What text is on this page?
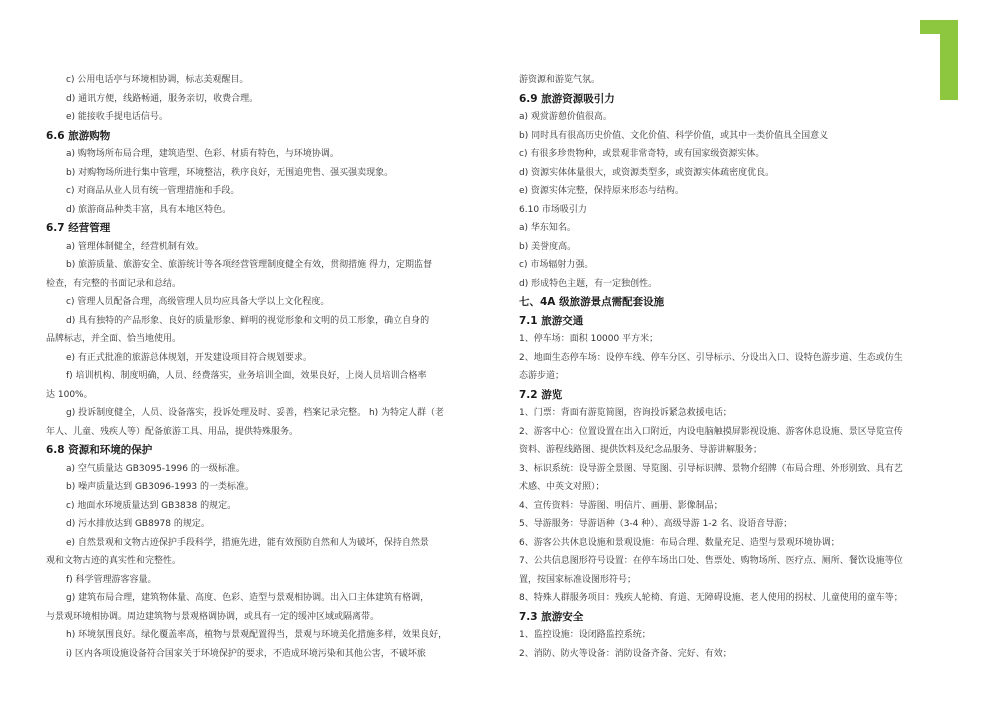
c) 公用电话亭与环境相协调，标志美观醒目。
d) 通讯方便，线路畅通，服务亲切，收费合理。
e) 能接收手提电话信号。
6.6 旅游购物
a) 购物场所布局合理，建筑造型、色彩、材质有特色，与环境协调。
b) 对购物场所进行集中管理，环境整洁，秩序良好，无围追兜售、强买强卖现象。
c) 对商品从业人员有统一管理措施和手段。
d) 旅游商品种类丰富，具有本地区特色。
6.7 经营管理
a) 管理体制健全，经营机制有效。
b) 旅游质量、旅游安全、旅游统计等各项经营管理制度健全有效，贯彻措施 得力，定期监督
检查，有完整的书面记录和总结。
c) 管理人员配备合理，高级管理人员均应具备大学以上文化程度。
d) 具有独特的产品形象、良好的质量形象、鲜明的视觉形象和文明的员工形象，确立自身的
品牌标志，并全面、恰当地使用。
e) 有正式批准的旅游总体规划，开发建设项目符合规划要求。
f) 培训机构、制度明确，人员、经费落实，业务培训全面，效果良好，上岗人员培训合格率
达 100%。
g) 投诉制度健全，人员、设备落实，投诉处理及时、妥善，档案记录完整。 h) 为特定人群（老
年人、儿童、残疾人等）配备旅游工具、用品，提供特殊服务。
6.8 资源和环境的保护
a) 空气质量达 GB3095-1996 的一级标准。
b) 噪声质量达到 GB3096-1993 的一类标准。
c) 地面水环境质量达到 GB3838 的规定。
d) 污水排放达到 GB8978 的规定。
e) 自然景观和文物古迹保护手段科学，措施先进，能有效预防自然和人为破坏，保持自然景
观和文物古迹的真实性和完整性。
f) 科学管理游客容量。
g) 建筑布局合理，建筑物体量、高度、色彩、造型与景观相协调。出入口主体建筑有格调，
与景观环境相协调。周边建筑物与景观格调协调，或具有一定的缓冲区域或隔离带。
h) 环境氛围良好。绿化覆盖率高，植物与景观配置得当，景观与环境美化措施多样，效果良好，
i) 区内各项设施设备符合国家关于环境保护的要求，不造成环境污染和其他公害，不破坏旅
游资源和游览气氛。
6.9 旅游资源吸引力
a) 观赏游憩价值很高。
b) 同时具有很高历史价值、文化价值、科学价值，或其中一类价值具全国意义
c) 有很多珍贵物种，或景观非常奇特，或有国家级资源实体。
d) 资源实体体量很大，或资源类型多，或资源实体疏密度优良。
e) 资源实体完整，保持原来形态与结构。
6.10 市场吸引力
a) 华东知名。
b) 美誉度高。
c) 市场辐射力强。
d) 形成特色主题，有一定独创性。
七、4A 级旅游景点需配套设施
7.1 旅游交通
1、停车场：面积 10000 平方米；
2、地面生态停车场：设停车线、停车分区、引导标示、分设出入口、设特色游步道、生态或仿生
态游步道；
7.2 游览
1、门票：背面有游览简图，咨询投诉紧急救援电话；
2、游客中心：位置设置在出入口附近，内设电脑触摸屏影视设施、游客休息设施、景区导览宣传
资料、游程线路图、提供饮料及纪念品服务、导游讲解服务；
3、标识系统：设导游全景图、导览图、引导标识牌、景物介绍牌（布局合理、外形别致、具有艺
术感、中英文对照）；
4、宣传资料：导游图、明信片、画册、影像制品；
5、导游服务：导游语种（3-4 种）、高级导游 1-2 名、设语音导游；
6、游客公共休息设施和景观设施：布局合理、数量充足、造型与景观环境协调；
7、公共信息图形符号设置：在停车场出口处、售票处、购物场所、医疗点、厕所、餐饮设施等位
置，按国家标准设图形符号；
8、特殊人群服务项目：残疾人轮椅、育道、无障碍设施、老人使用的拐杖、儿童使用的童车等；
7.3 旅游安全
1、监控设施：设闭路监控系统；
2、消防、防火等设备：消防设备齐备、完好、有效；
